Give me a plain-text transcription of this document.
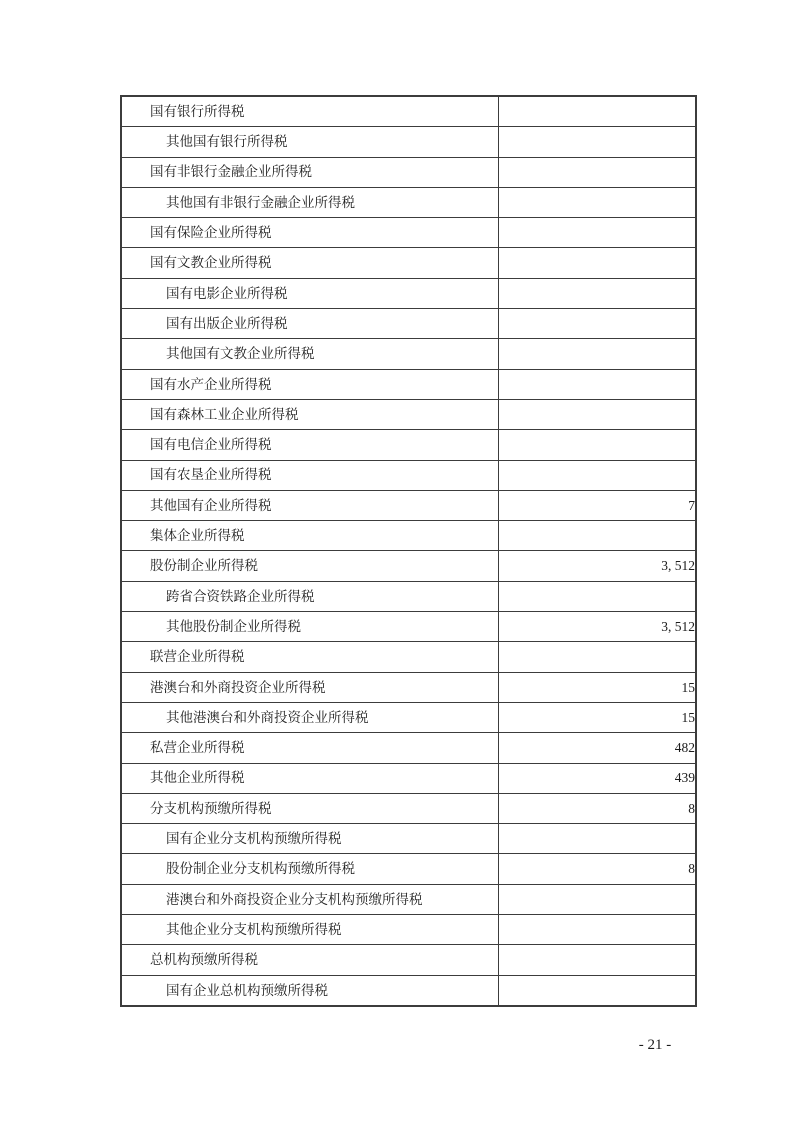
国有银行所得税	
其他国有银行所得税	
国有非银行金融企业所得税	
其他国有非银行金融企业所得税	
国有保险企业所得税	
国有文教企业所得税	
国有电影企业所得税	
国有出版企业所得税	
其他国有文教企业所得税	
国有水产企业所得税	
国有森林工业企业所得税	
国有电信企业所得税	
国有农垦企业所得税	
其他国有企业所得税	7
集体企业所得税	
股份制企业所得税	3, 512
跨省合资铁路企业所得税	
其他股份制企业所得税	3, 512
联营企业所得税	
港澳台和外商投资企业所得税	15
其他港澳台和外商投资企业所得税	15
私营企业所得税	482
其他企业所得税	439
分支机构预缴所得税	8
国有企业分支机构预缴所得税	
股份制企业分支机构预缴所得税	8
港澳台和外商投资企业分支机构预缴所得税	
其他企业分支机构预缴所得税	
总机构预缴所得税	
国有企业总机构预缴所得税	
- 21 -
